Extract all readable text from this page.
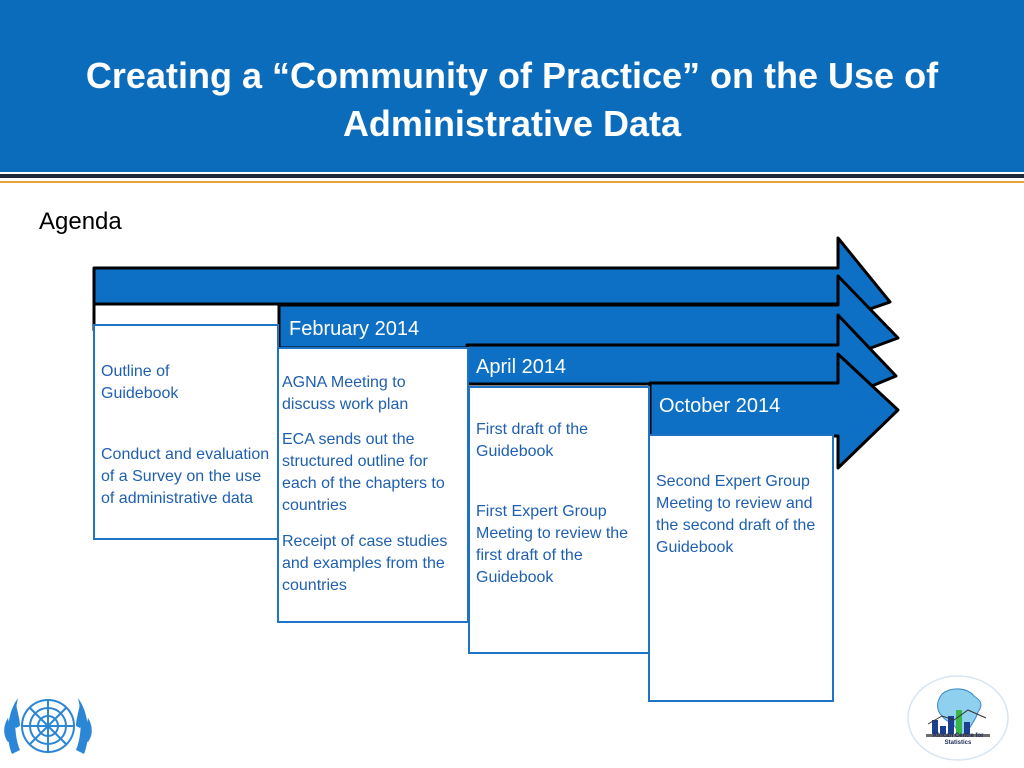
Creating a “Community of Practice” on the Use of Administrative Data
Agenda
Outline of Guidebook
Conduct and evaluation of a Survey on the use of administrative data
AGNA Meeting to discuss work plan
ECA sends out the structured outline for each of the chapters to countries
Receipt of case studies and examples from the countries
First draft of the Guidebook
First Expert Group Meeting to review the first draft of the Guidebook
Second Expert Group Meeting to review and the second draft of the Guidebook
February 2014
April 2014
October 2014
African Centre for
Statistics
